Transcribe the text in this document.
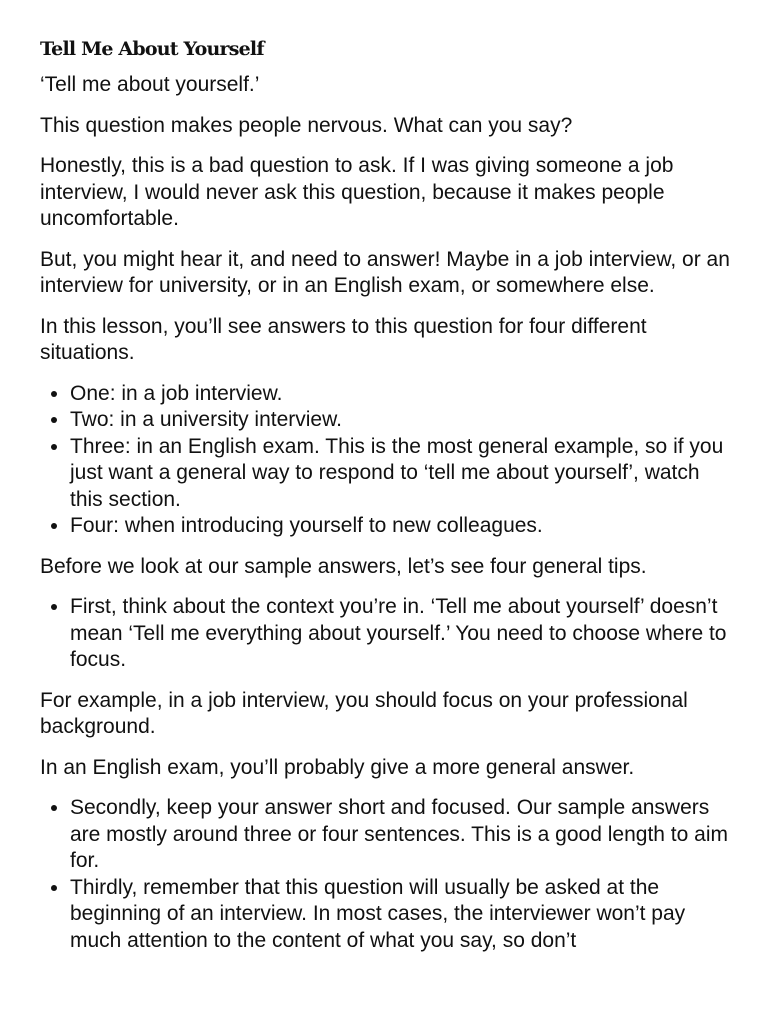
Tell Me About Yourself

‘Tell me about yourself.’

This question makes people nervous. What can you say?

Honestly, this is a bad question to ask. If I was giving someone a job interview, I would never ask this question, because it makes people uncomfortable.

But, you might hear it, and need to answer! Maybe in a job interview, or an interview for university, or in an English exam, or somewhere else.

In this lesson, you’ll see answers to this question for four different situations.

• One: in a job interview.
• Two: in a university interview.
• Three: in an English exam. This is the most general example, so if you just want a general way to respond to ‘tell me about yourself’, watch this section.
• Four: when introducing yourself to new colleagues.

Before we look at our sample answers, let’s see four general tips.

• First, think about the context you’re in. ‘Tell me about yourself’ doesn’t mean ‘Tell me everything about yourself.’ You need to choose where to focus.

For example, in a job interview, you should focus on your professional background.

In an English exam, you’ll probably give a more general answer.

• Secondly, keep your answer short and focused. Our sample answers are mostly around three or four sentences. This is a good length to aim for.
• Thirdly, remember that this question will usually be asked at the beginning of an interview. In most cases, the interviewer won’t pay much attention to the content of what you say, so don’t
